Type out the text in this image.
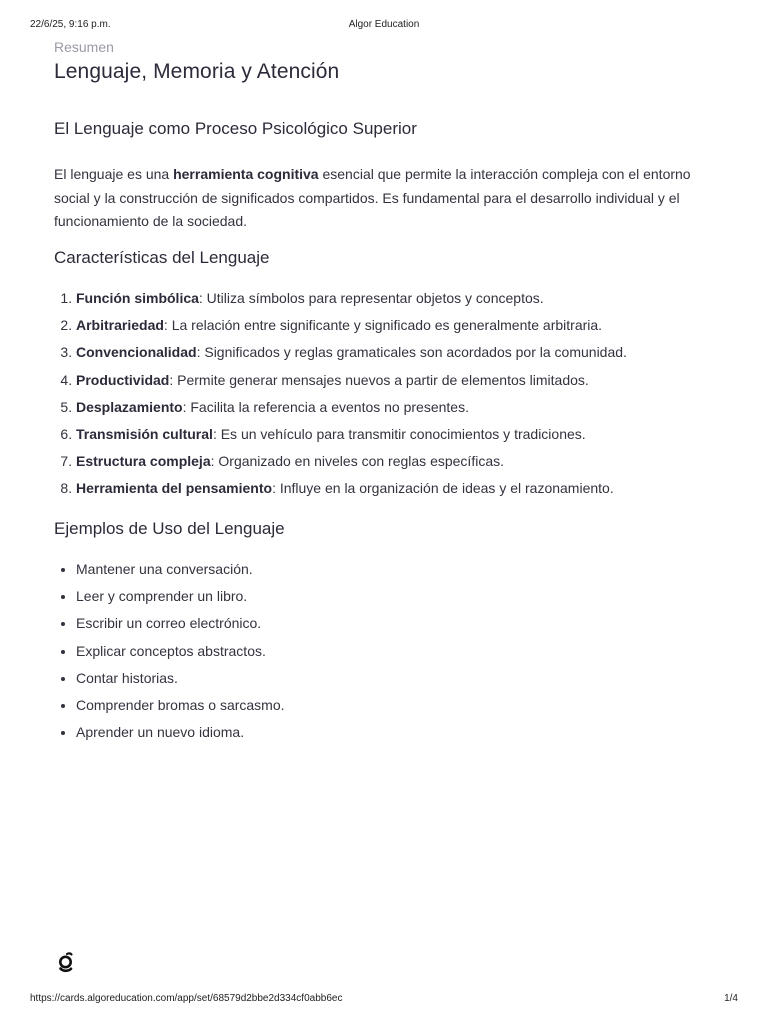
22/6/25, 9:16 p.m.	Algor Education
Resumen
Lenguaje, Memoria y Atención
El Lenguaje como Proceso Psicológico Superior

El lenguaje es una herramienta cognitiva esencial que permite la interacción compleja con el entorno social y la construcción de significados compartidos. Es fundamental para el desarrollo individual y el funcionamiento de la sociedad.

Características del Lenguaje
1. Función simbólica: Utiliza símbolos para representar objetos y conceptos.
2. Arbitrariedad: La relación entre significante y significado es generalmente arbitraria.
3. Convencionalidad: Significados y reglas gramaticales son acordados por la comunidad.
4. Productividad: Permite generar mensajes nuevos a partir de elementos limitados.
5. Desplazamiento: Facilita la referencia a eventos no presentes.
6. Transmisión cultural: Es un vehículo para transmitir conocimientos y tradiciones.
7. Estructura compleja: Organizado en niveles con reglas específicas.
8. Herramienta del pensamiento: Influye en la organización de ideas y el razonamiento.
Ejemplos de Uso del Lenguaje
• Mantener una conversación.
• Leer y comprender un libro.
• Escribir un correo electrónico.
• Explicar conceptos abstractos.
• Contar historias.
• Comprender bromas o sarcasmo.
• Aprender un nuevo idioma.
https://cards.algoreducation.com/app/set/68579d2bbe2d334cf0abb6ec	1/4
